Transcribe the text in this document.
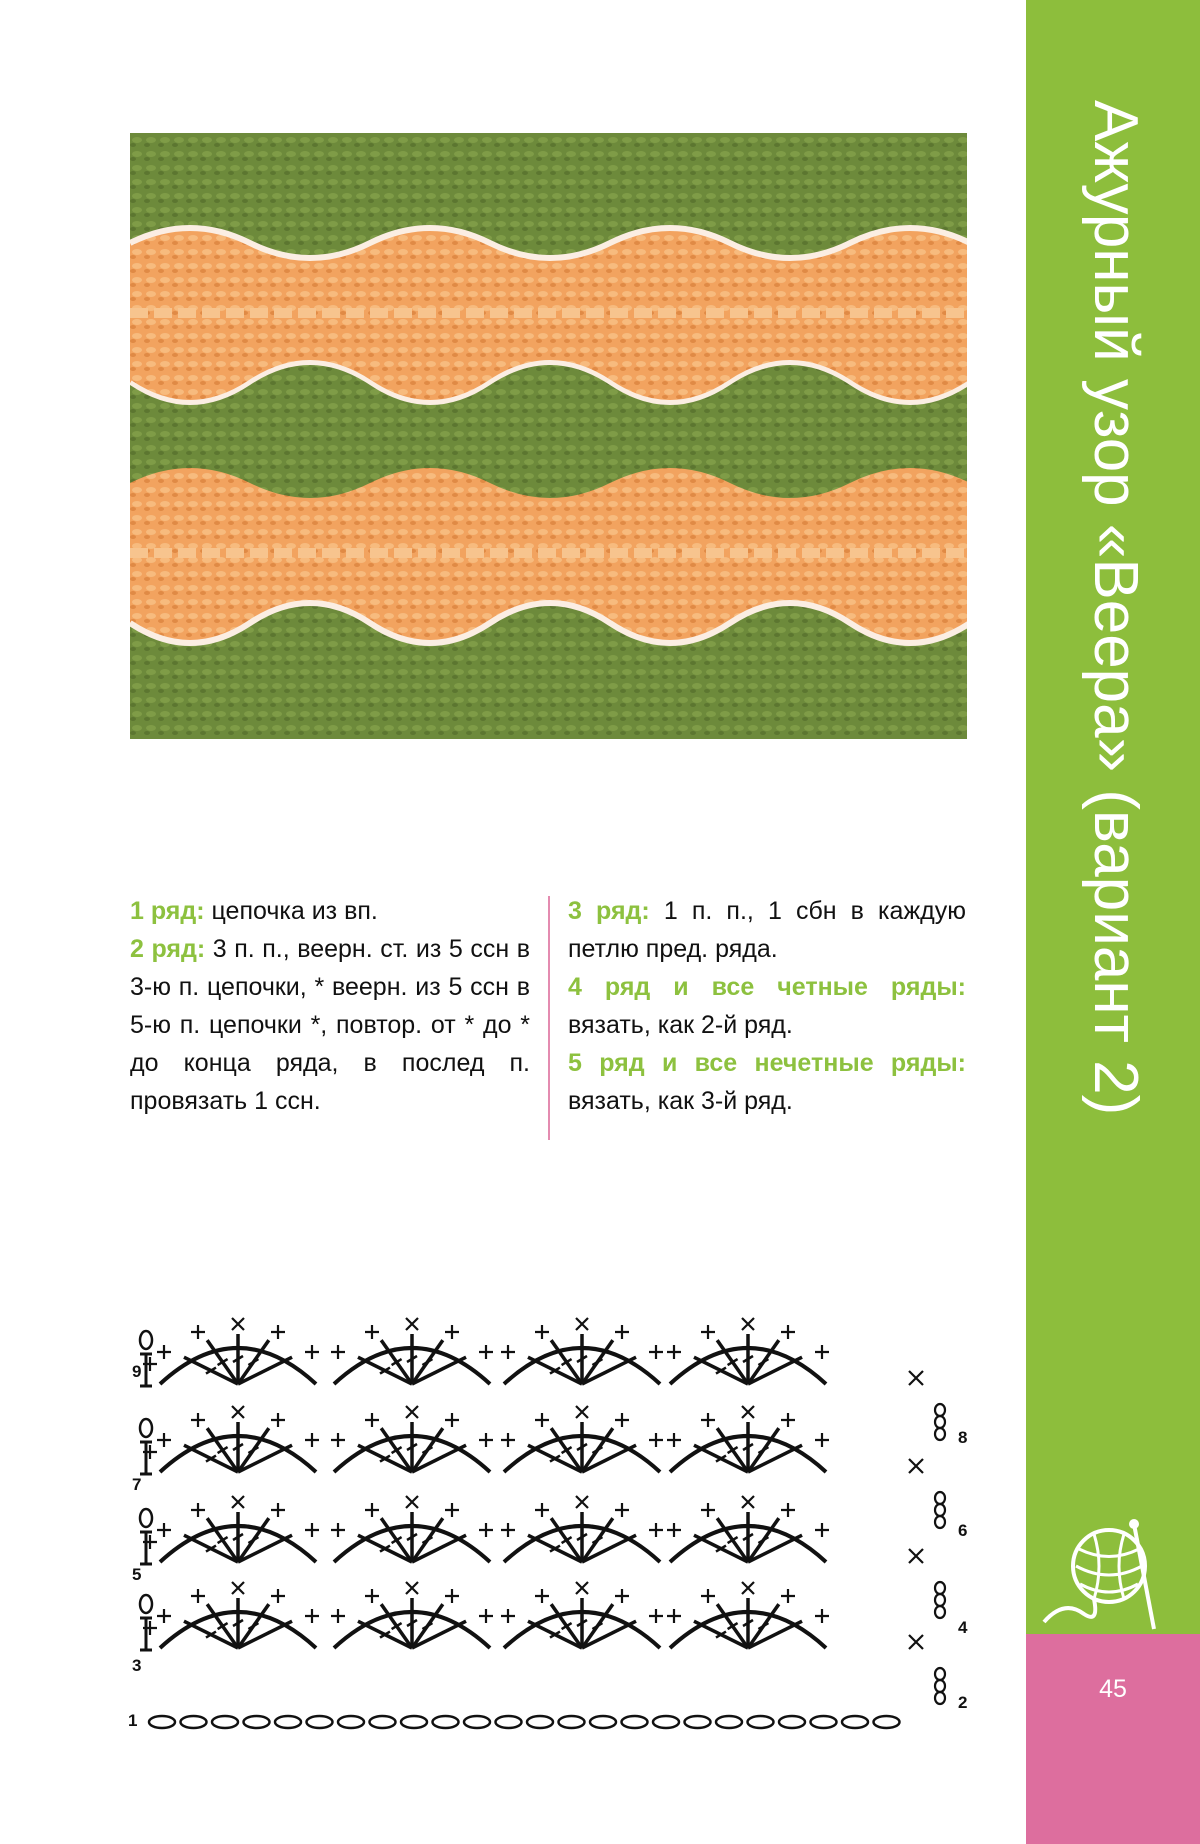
1 ряд: цепочка из вп.

2 ряд: 3 п. п., веерн. ст. из 5 ссн в 3-ю п. цепочки, * веерн. из 5 ссн в 5-ю п. цепочки *, повтор. от * до * до конца ряда, в послед п. провязать 1 ссн.

3 ряд: 1 п. п., 1 сбн в каждую петлю пред. ряда.

4 ряд и все четные ряды: вязать, как 2-й ряд.

5 ряд и все нечетные ряды: вязать, как 3-й ряд.

9
7
5
3
1
8
6
4
2
Ажурный узор «Веера» (вариант 2)
45
